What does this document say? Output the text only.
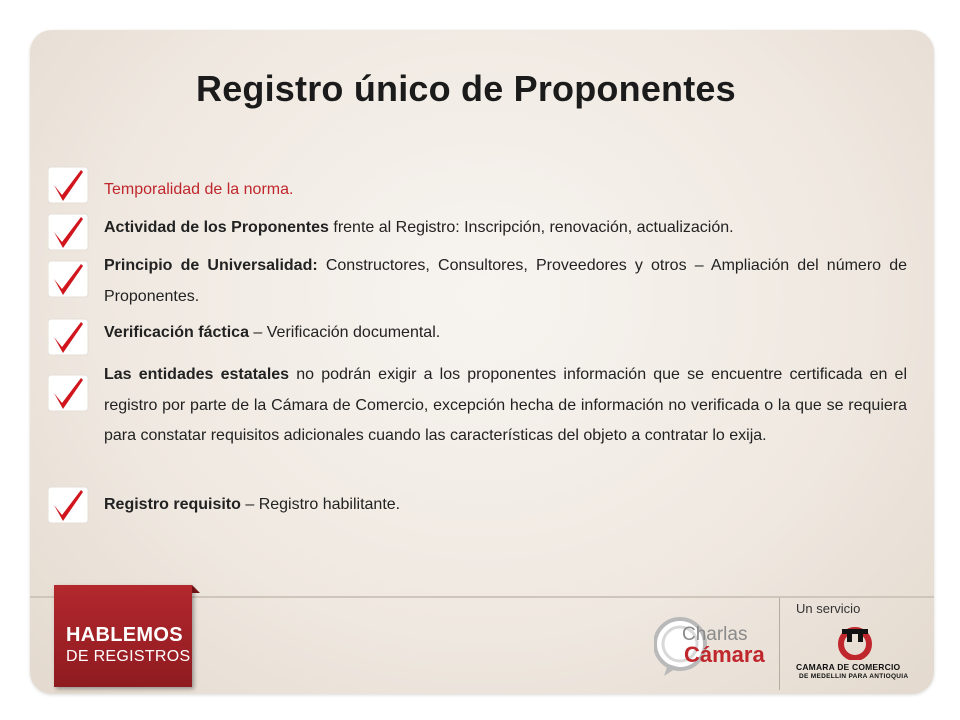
Registro único de Proponentes

Temporalidad de la norma.

Actividad de los Proponentes frente al Registro: Inscripción, renovación, actualización.

Principio de Universalidad: Constructores, Consultores, Proveedores y otros – Ampliación del número de Proponentes.

Verificación fáctica – Verificación documental.

Las entidades estatales no podrán exigir a los proponentes información que se encuentre certificada en el registro por parte de la Cámara de Comercio, excepción hecha de información no verificada o la que se requiera para constatar requisitos adicionales cuando las características del objeto a contratar lo exija.

Registro requisito – Registro habilitante.

HABLEMOS
DE REGISTROS
Charlas
Cámara
Un servicio
CAMARA DE COMERCIO
DE MEDELLIN PARA ANTIOQUIA
